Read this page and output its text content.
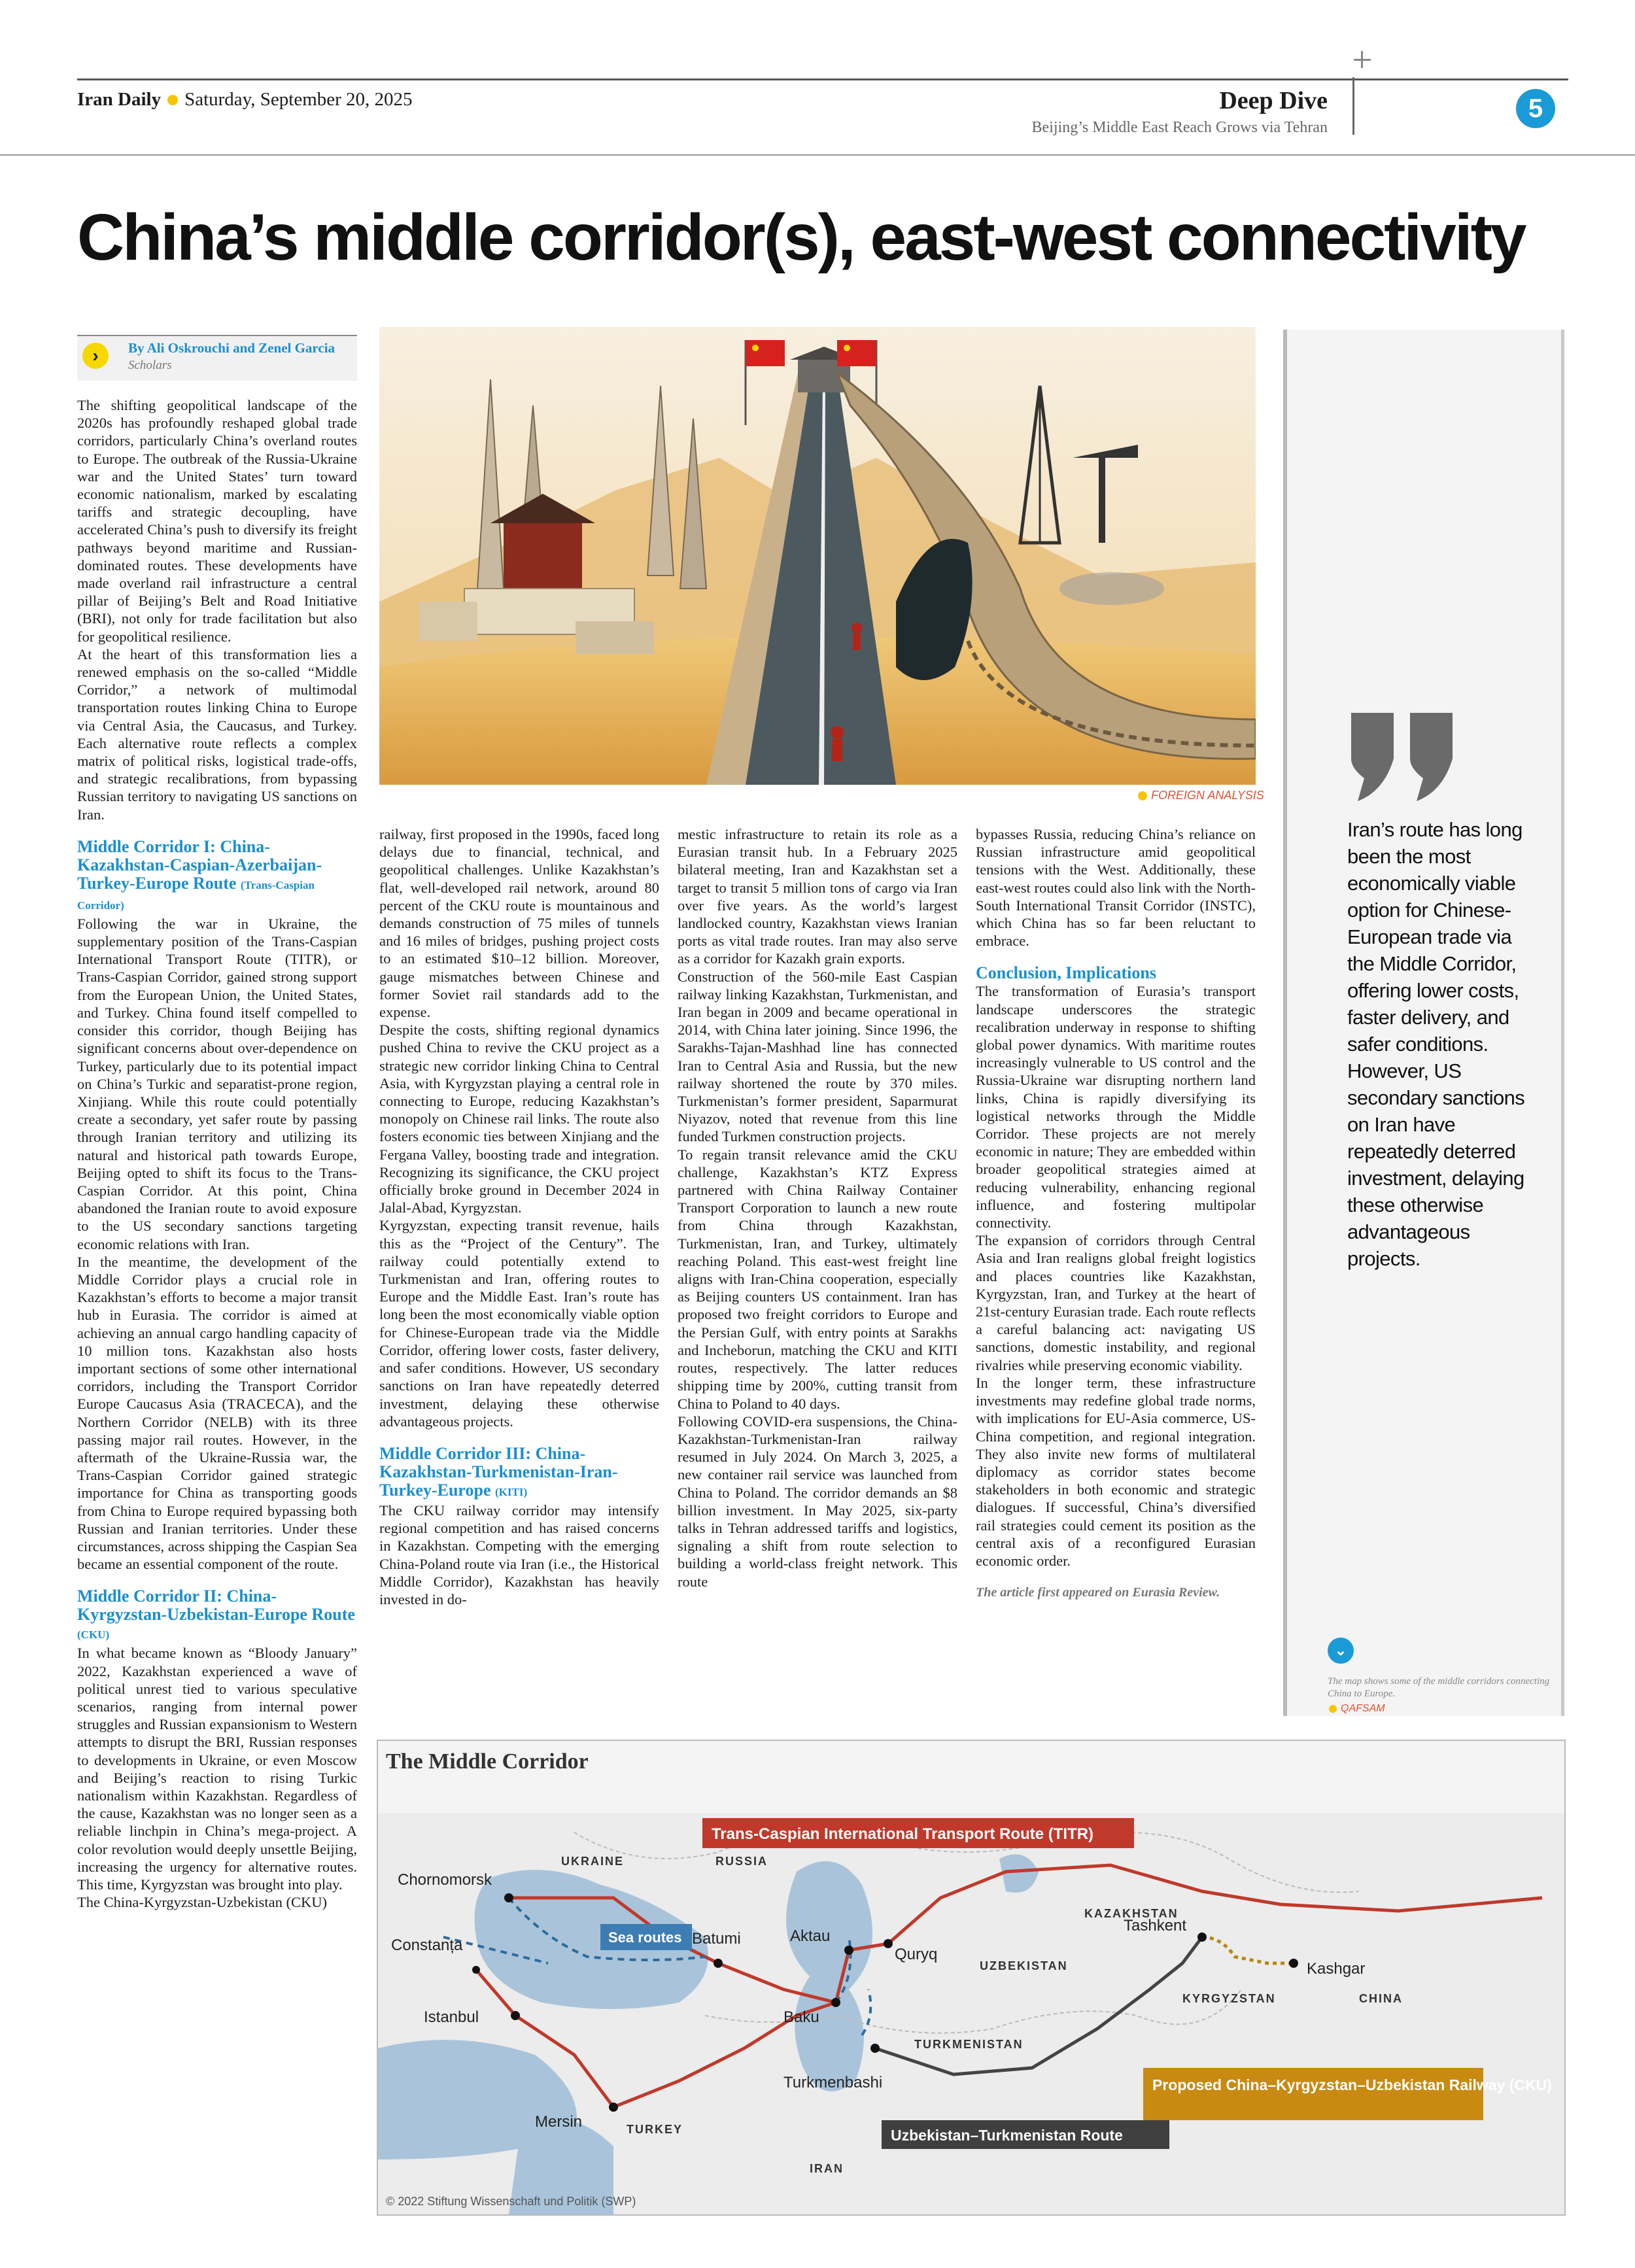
Iran Daily Saturday, September 20, 2025	Deep Dive
Beijing’s Middle East Reach Grows via Tehran
5
China’s middle corridor(s), east-west connectivity
›	By Ali Oskrouchi and Zenel Garcia
Scholars

The shifting geopolitical landscape of the 2020s has profoundly reshaped global trade corridors, particularly China’s overland routes to Europe. The outbreak of the Russia-Ukraine war and the United States’ turn toward economic nationalism, marked by escalating tariffs and strategic decoupling, have accelerated China’s push to diversify its freight pathways beyond maritime and Russian-dominated routes. These developments have made overland rail infrastructure a central pillar of Beijing’s Belt and Road Initiative (BRI), not only for trade facilitation but also for geopolitical resilience.

At the heart of this transformation lies a renewed emphasis on the so-called “Middle Corridor,” a network of multimodal transportation routes linking China to Europe via Central Asia, the Caucasus, and Turkey. Each alternative route reflects a complex matrix of political risks, logistical trade-offs, and strategic recalibrations, from bypassing Russian territory to navigating US sanctions on Iran.

Middle Corridor I: China-Kazakhstan-Caspian-Azerbaijan-Turkey-Europe Route (Trans-Caspian Corridor)

Following the war in Ukraine, the supplementary position of the Trans-Caspian International Transport Route (TITR), or Trans-Caspian Corridor, gained strong support from the European Union, the United States, and Turkey. China found itself compelled to consider this corridor, though Beijing has significant concerns about over-dependence on Turkey, particularly due to its potential impact on China’s Turkic and separatist-prone region, Xinjiang. While this route could potentially create a secondary, yet safer route by passing through Iranian territory and utilizing its natural and historical path towards Europe, Beijing opted to shift its focus to the Trans-Caspian Corridor. At this point, China abandoned the Iranian route to avoid exposure to the US secondary sanctions targeting economic relations with Iran.

In the meantime, the development of the Middle Corridor plays a crucial role in Kazakhstan’s efforts to become a major transit hub in Eurasia. The corridor is aimed at achieving an annual cargo handling capacity of 10 million tons. Kazakhstan also hosts important sections of some other international corridors, including the Transport Corridor Europe Caucasus Asia (TRACECA), and the Northern Corridor (NELB) with its three passing major rail routes. However, in the aftermath of the Ukraine-Russia war, the Trans-Caspian Corridor gained strategic importance for China as transporting goods from China to Europe required bypassing both Russian and Iranian territories. Under these circumstances, across shipping the Caspian Sea became an essential component of the route.

Middle Corridor II: China-Kyrgyzstan-Uzbekistan-Europe Route (CKU)

In what became known as “Bloody January” 2022, Kazakhstan experienced a wave of political unrest tied to various speculative scenarios, ranging from internal power struggles and Russian expansionism to Western attempts to disrupt the BRI, Russian responses to developments in Ukraine, or even Moscow and Beijing’s reaction to rising Turkic nationalism within Kazakhstan. Regardless of the cause, Kazakhstan was no longer seen as a reliable linchpin in China’s mega-project. A color revolution would deeply unsettle Beijing, increasing the urgency for alternative routes. This time, Kyrgyzstan was brought into play.

The China-Kyrgyzstan-Uzbekistan (CKU)

FOREIGN ANALYSIS

railway, first proposed in the 1990s, faced long delays due to financial, technical, and geopolitical challenges. Unlike Kazakhstan’s flat, well-developed rail network, around 80 percent of the CKU route is mountainous and demands construction of 75 miles of tunnels and 16 miles of bridges, pushing project costs to an estimated $10–12 billion. Moreover, gauge mismatches between Chinese and former Soviet rail standards add to the expense.

Despite the costs, shifting regional dynamics pushed China to revive the CKU project as a strategic new corridor linking China to Central Asia, with Kyrgyzstan playing a central role in connecting to Europe, reducing Kazakhstan’s monopoly on Chinese rail links. The route also fosters economic ties between Xinjiang and the Fergana Valley, boosting trade and integration. Recognizing its significance, the CKU project officially broke ground in December 2024 in Jalal-Abad, Kyrgyzstan.

Kyrgyzstan, expecting transit revenue, hails this as the “Project of the Century”. The railway could potentially extend to Turkmenistan and Iran, offering routes to Europe and the Middle East. Iran’s route has long been the most economically viable option for Chinese-European trade via the Middle Corridor, offering lower costs, faster delivery, and safer conditions. However, US secondary sanctions on Iran have repeatedly deterred investment, delaying these otherwise advantageous projects.

Middle Corridor III: China-Kazakhstan-Turkmenistan-Iran-Turkey-Europe (KITI)

The CKU railway corridor may intensify regional competition and has raised concerns in Kazakhstan. Competing with the emerging China-Poland route via Iran (i.e., the Historical Middle Corridor), Kazakhstan has heavily invested in do-

mestic infrastructure to retain its role as a Eurasian transit hub. In a February 2025 bilateral meeting, Iran and Kazakhstan set a target to transit 5 million tons of cargo via Iran over five years. As the world’s largest landlocked country, Kazakhstan views Iranian ports as vital trade routes. Iran may also serve as a corridor for Kazakh grain exports.

Construction of the 560-mile East Caspian railway linking Kazakhstan, Turkmenistan, and Iran began in 2009 and became operational in 2014, with China later joining. Since 1996, the Sarakhs-Tajan-Mashhad line has connected Iran to Central Asia and Russia, but the new railway shortened the route by 370 miles. Turkmenistan’s former president, Saparmurat Niyazov, noted that revenue from this line funded Turkmen construction projects.

To regain transit relevance amid the CKU challenge, Kazakhstan’s KTZ Express partnered with China Railway Container Transport Corporation to launch a new route from China through Kazakhstan, Turkmenistan, Iran, and Turkey, ultimately reaching Poland. This east-west freight line aligns with Iran-China cooperation, especially as Beijing counters US containment. Iran has proposed two freight corridors to Europe and the Persian Gulf, with entry points at Sarakhs and Incheborun, matching the CKU and KITI routes, respectively. The latter reduces shipping time by 200%, cutting transit from China to Poland to 40 days.

Following COVID-era suspensions, the China-Kazakhstan-Turkmenistan-Iran railway resumed in July 2024. On March 3, 2025, a new container rail service was launched from China to Poland. The corridor demands an $8 billion investment. In May 2025, six-party talks in Tehran addressed tariffs and logistics, signaling a shift from route selection to building a world-class freight network. This route

bypasses Russia, reducing China’s reliance on Russian infrastructure amid geopolitical tensions with the West. Additionally, these east-west routes could also link with the North-South International Transit Corridor (INSTC), which China has so far been reluctant to embrace.

Conclusion, Implications

The transformation of Eurasia’s transport landscape underscores the strategic recalibration underway in response to shifting global power dynamics. With maritime routes increasingly vulnerable to US control and the Russia-Ukraine war disrupting northern land links, China is rapidly diversifying its logistical networks through the Middle Corridor. These projects are not merely economic in nature; They are embedded within broader geopolitical strategies aimed at reducing vulnerability, enhancing regional influence, and fostering multipolar connectivity.

The expansion of corridors through Central Asia and Iran realigns global freight logistics and places countries like Kazakhstan, Kyrgyzstan, Iran, and Turkey at the heart of 21st-century Eurasian trade. Each route reflects a careful balancing act: navigating US sanctions, domestic instability, and regional rivalries while preserving economic viability.

In the longer term, these infrastructure investments may redefine global trade norms, with implications for EU-Asia commerce, US-China competition, and regional integration. They also invite new forms of multilateral diplomacy as corridor states become stakeholders in both economic and strategic dialogues. If successful, China’s diversified rail strategies could cement its position as the central axis of a reconfigured Eurasian economic order.

The article first appeared on Eurasia Review.
Iran’s route has long been the most economically viable option for Chinese-European trade via the Middle Corridor, offering lower costs, faster delivery, and safer conditions. However, US secondary sanctions on Iran have repeatedly deterred investment, delaying these otherwise advantageous projects.
⌄
The map shows some of the middle corridors connecting China to Europe.
QAFSAM
The Middle Corridor
Trans-Caspian International Transport Route (TITR)
Sea routes
Proposed China–Kyrgyzstan–Uzbekistan Railway (CKU)
Uzbekistan–Turkmenistan Route
UKRAINE	RUSSIA
KAZAKHSTAN
UZBEKISTAN
KYRGYZSTAN	CHINA
TURKEY
TURKMENISTAN
IRAN
Chornomorsk
Constanța
Istanbul
Mersin
Batumi	Aktau
Quryq
Baku
Turkmenbashi
Tashkent
Kashgar
© 2022 Stiftung Wissenschaft und Politik (SWP)
